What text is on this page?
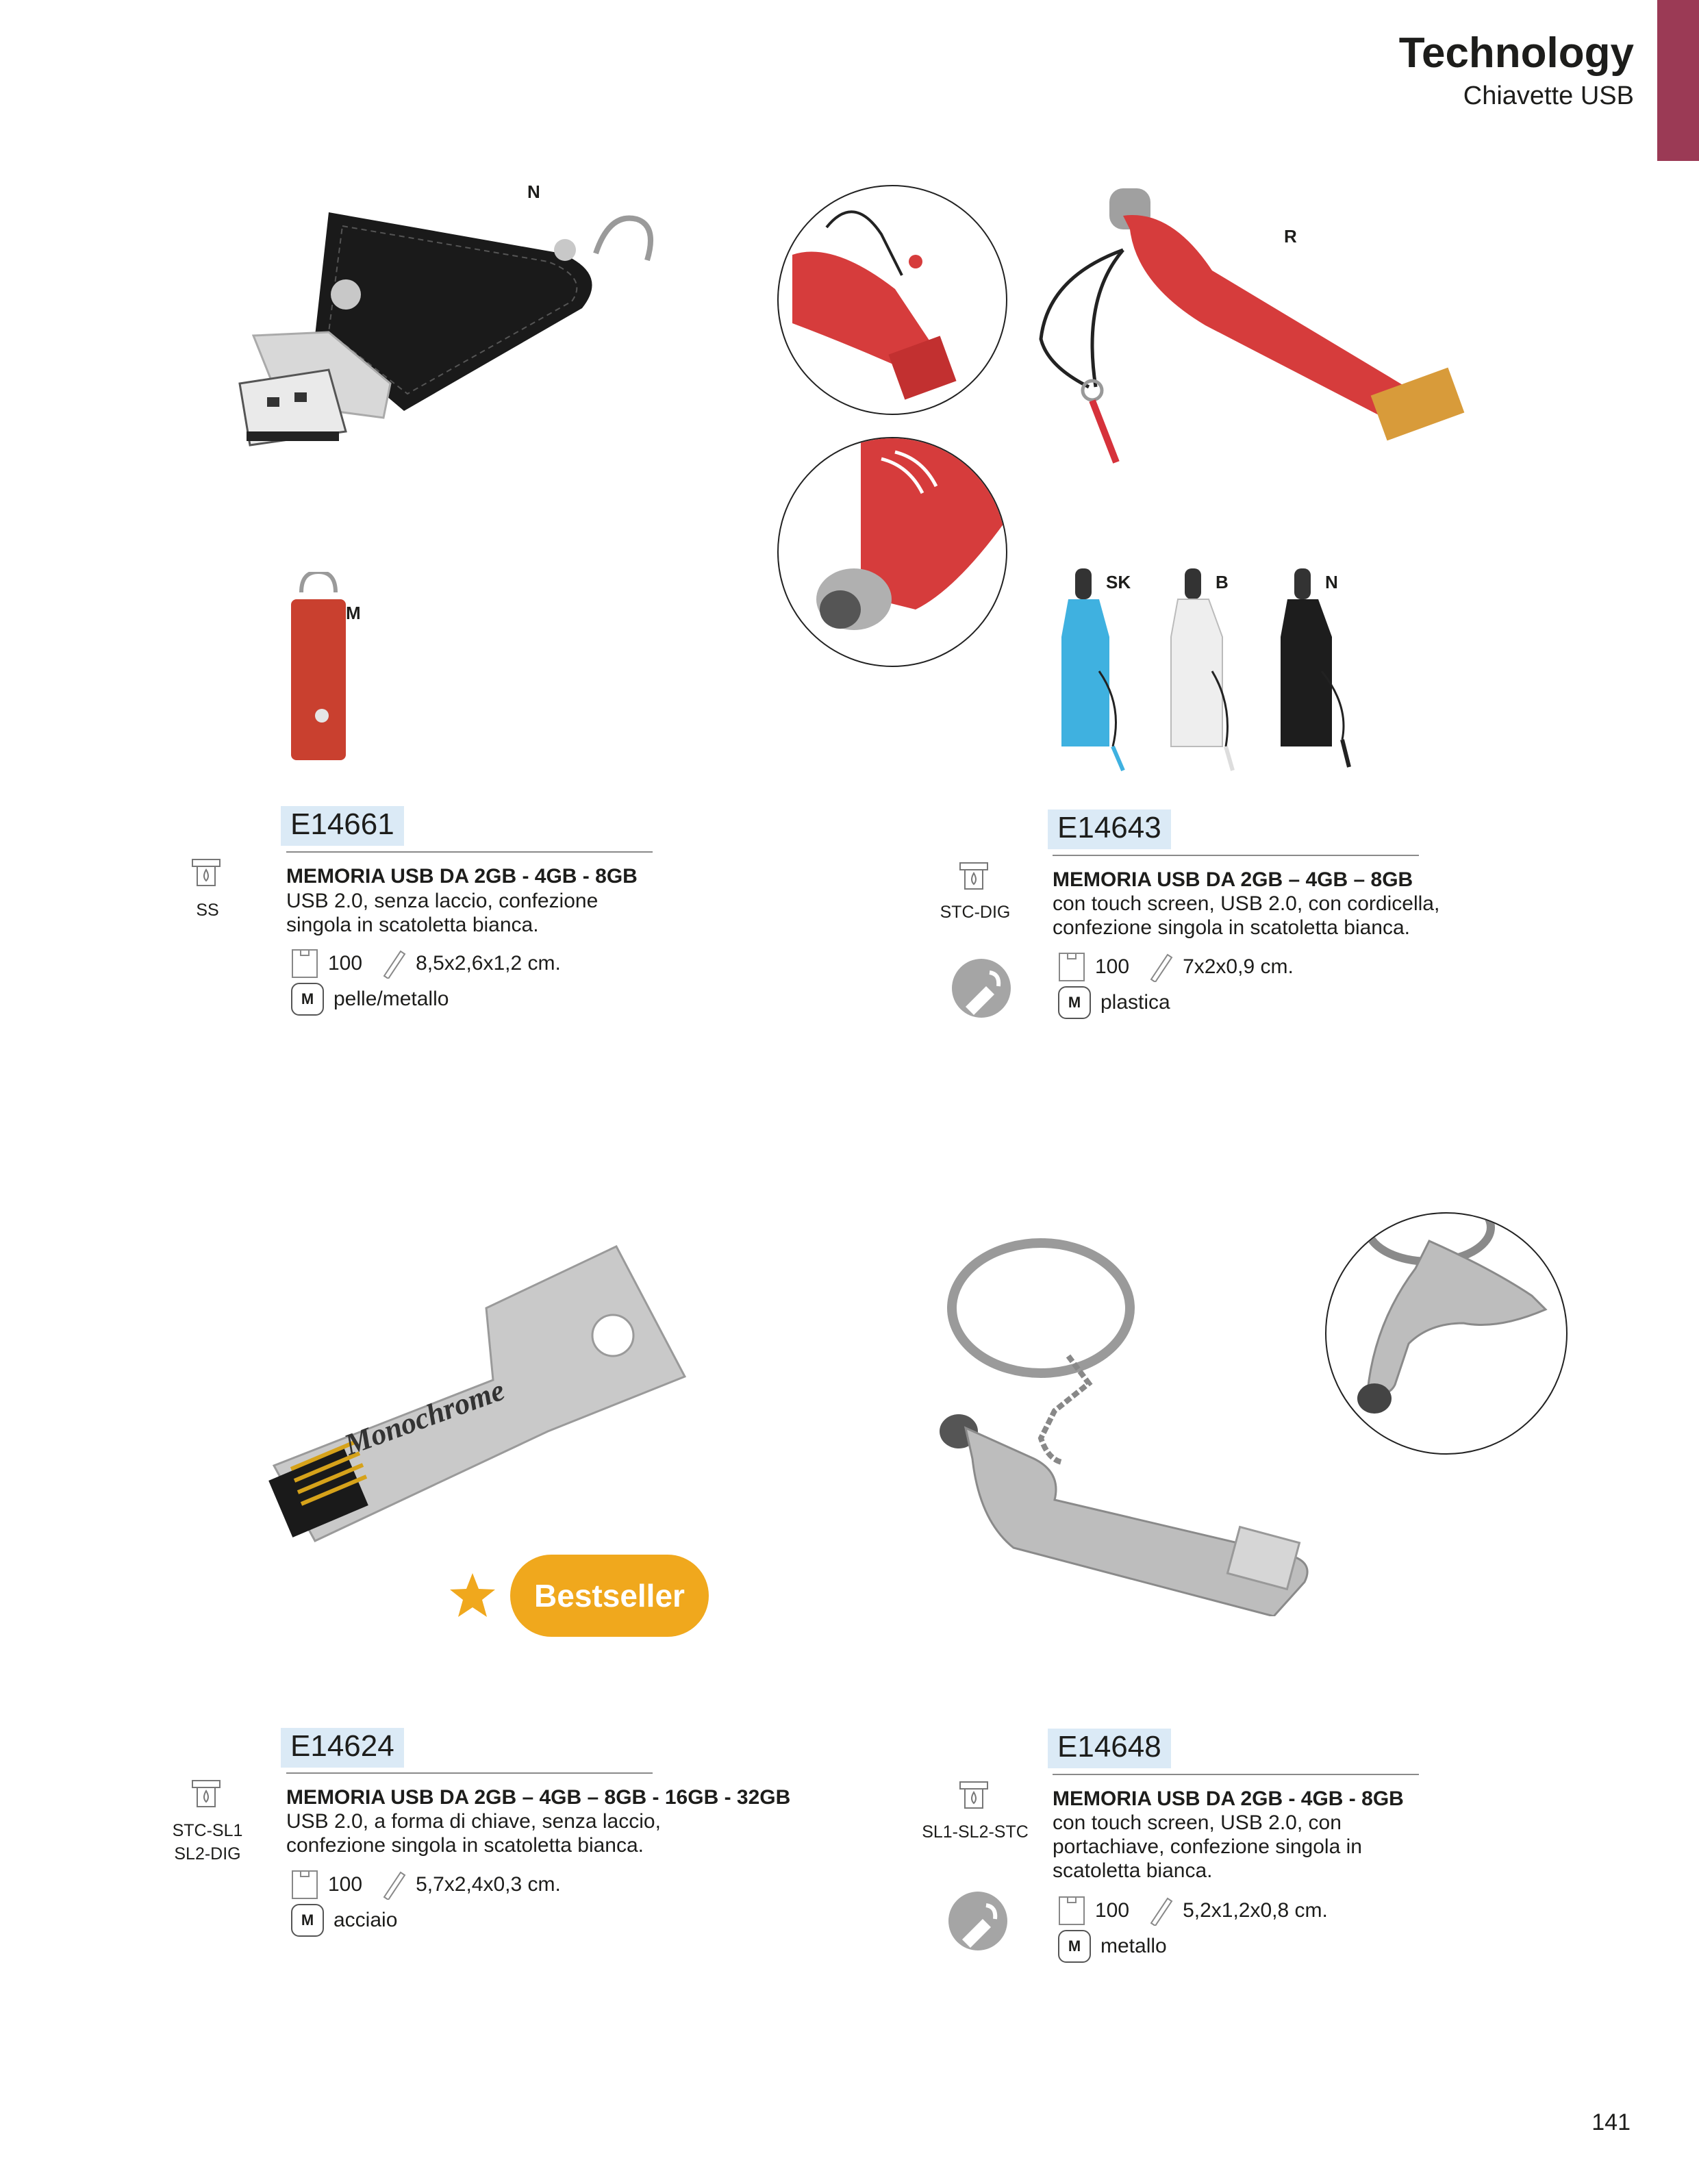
Technology
Chiavette USB
N
M
R
SK	B	N
E14661
MEMORIA USB DA 2GB - 4GB - 8GB
USB 2.0, senza laccio, confezione singola in scatoletta bianca.
100	8,5x2,6x1,2 cm.
M pelle/metallo
SS
E14643
MEMORIA USB DA 2GB – 4GB – 8GB
con touch screen, USB 2.0, con cordicella, confezione singola in scatoletta bianca.
100	7x2x0,9 cm.
M plastica
STC-DIG
Monochrome
Bestseller
E14624
MEMORIA USB DA 2GB – 4GB – 8GB - 16GB - 32GB
USB 2.0, a forma di chiave, senza laccio, confezione singola in scatoletta bianca.
100	5,7x2,4x0,3 cm.
M acciaio
STC-SL1
SL2-DIG
E14648
MEMORIA USB DA 2GB - 4GB - 8GB
con touch screen, USB 2.0, con portachiave, confezione singola in scatoletta bianca.
100	5,2x1,2x0,8 cm.
M metallo
SL1-SL2-STC
141
